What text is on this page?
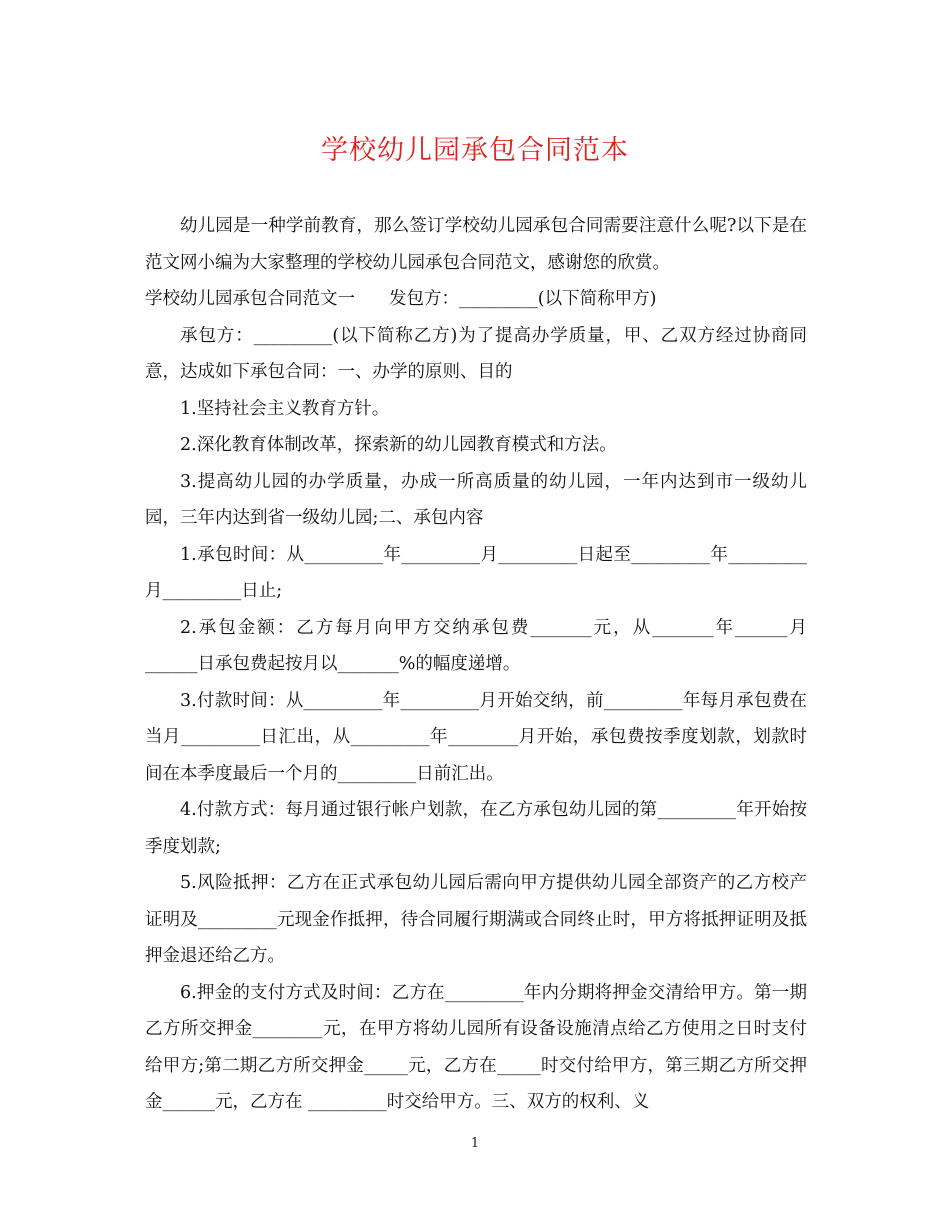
学校幼儿园承包合同范本

幼儿园是一种学前教育，那么签订学校幼儿园承包合同需要注意什么呢?以下是在范文网小编为大家整理的学校幼儿园承包合同范文，感谢您的欣赏。

学校幼儿园承包合同范文一 发包方：_________(以下简称甲方)

承包方：_________(以下简称乙方)为了提高办学质量，甲、乙双方经过协商同意，达成如下承包合同：一、办学的原则、目的

1.坚持社会主义教育方针。

2.深化教育体制改革，探索新的幼儿园教育模式和方法。

3.提高幼儿园的办学质量，办成一所高质量的幼儿园，一年内达到市一级幼儿园，三年内达到省一级幼儿园;二、承包内容

1.承包时间：从_________年_________月_________日起至_________年_________月_________日止;

2.承包金额：乙方每月向甲方交纳承包费_______元，从_______年______月______日承包费起按月以_______%的幅度递增。

3.付款时间：从_________年_________月开始交纳，前_________年每月承包费在当月_________日汇出，从_________年________月开始，承包费按季度划款，划款时间在本季度最后一个月的_________日前汇出。

4.付款方式：每月通过银行帐户划款，在乙方承包幼儿园的第_________年开始按季度划款;

5.风险抵押：乙方在正式承包幼儿园后需向甲方提供幼儿园全部资产的乙方校产证明及_________元现金作抵押，待合同履行期满或合同终止时，甲方将抵押证明及抵押金退还给乙方。

6.押金的支付方式及时间：乙方在_________年内分期将押金交清给甲方。第一期乙方所交押金________元，在甲方将幼儿园所有设备设施清点给乙方使用之日时支付给甲方;第二期乙方所交押金_____元，乙方在_____时交付给甲方，第三期乙方所交押金______元，乙方在 _________时交给甲方。三、双方的权利、义

1
